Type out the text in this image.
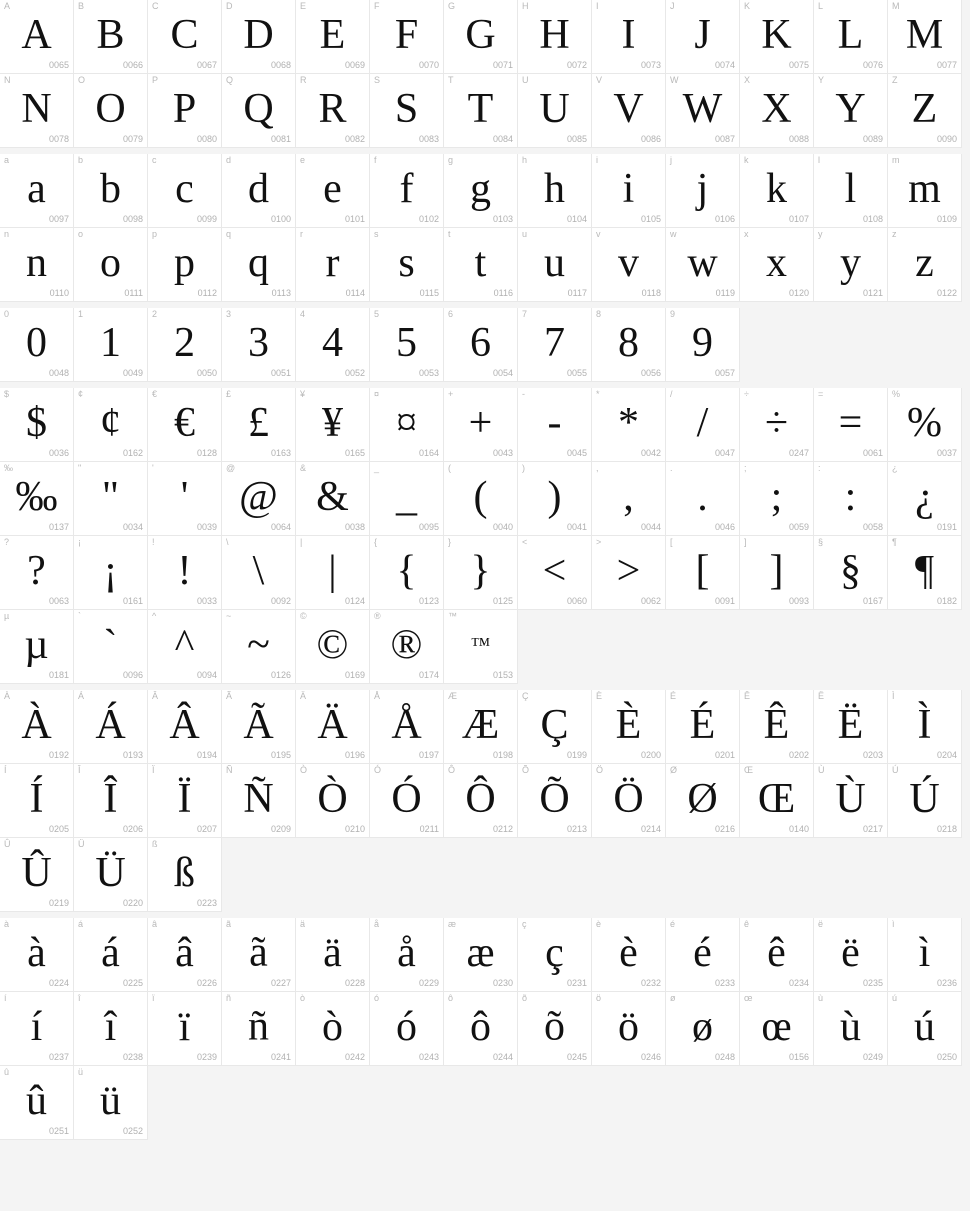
A
A
0065
B
B
0066
C
C
0067
D
D
0068
E
E
0069
F
F
0070
G
G
0071
H
H
0072
I
I
0073
J
J
0074
K
K
0075
L
L
0076
M
M
0077
N
N
0078
O
O
0079
P
P
0080
Q
Q
0081
R
R
0082
S
S
0083
T
T
0084
U
U
0085
V
V
0086
W
W
0087
X
X
0088
Y
Y
0089
Z
Z
0090
a
a
0097
b
b
0098
c
c
0099
d
d
0100
e
e
0101
f
f
0102
g
g
0103
h
h
0104
i
i
0105
j
j
0106
k
k
0107
l
l
0108
m
m
0109
n
n
0110
o
o
0111
p
p
0112
q
q
0113
r
r
0114
s
s
0115
t
t
0116
u
u
0117
v
v
0118
w
w
0119
x
x
0120
y
y
0121
z
z
0122
0
0
0048
1
1
0049
2
2
0050
3
3
0051
4
4
0052
5
5
0053
6
6
0054
7
7
0055
8
8
0056
9
9
0057
$
$
0036
¢
¢
0162
€
€
0128
£
£
0163
¥
¥
0165
¤
¤
0164
+
+
0043
-
-
0045
*
*
0042
/
/
0047
÷
÷
0247
=
=
0061
%
%
0037
‰
‰
0137
"
"
0034
'
'
0039
@
@
0064
&
&
0038
_
_
0095
(
(
0040
)
)
0041
,
,
0044
.
.
0046
;
;
0059
:
:
0058
¿
¿
0191
?
?
0063
¡
¡
0161
!
!
0033
\
\
0092
|
|
0124
{
{
0123
}
}
0125
<
<
0060
>
>
0062
[
[
0091
]
]
0093
§
§
0167
¶
¶
0182
µ
µ
0181
`
`
0096
^
^
0094
~
~
0126
©
©
0169
®
®
0174
™
™
0153
À
À
0192
Á
Á
0193
Â
Â
0194
Ã
Ã
0195
Ä
Ä
0196
Å
Å
0197
Æ
Æ
0198
Ç
Ç
0199
È
È
0200
É
É
0201
Ê
Ê
0202
Ë
Ë
0203
Ì
Ì
0204
Í
Í
0205
Î
Î
0206
Ï
Ï
0207
Ñ
Ñ
0209
Ò
Ò
0210
Ó
Ó
0211
Ô
Ô
0212
Õ
Õ
0213
Ö
Ö
0214
Ø
Ø
0216
Œ
Œ
0140
Ù
Ù
0217
Ú
Ú
0218
Û
Û
0219
Ü
Ü
0220
ß
ß
0223
à
à
0224
á
á
0225
â
â
0226
ã
ã
0227
ä
ä
0228
å
å
0229
æ
æ
0230
ç
ç
0231
è
è
0232
é
é
0233
ê
ê
0234
ë
ë
0235
ì
ì
0236
í
í
0237
î
î
0238
ï
ï
0239
ñ
ñ
0241
ò
ò
0242
ó
ó
0243
ô
ô
0244
õ
õ
0245
ö
ö
0246
ø
ø
0248
œ
œ
0156
ù
ù
0249
ú
ú
0250
û
û
0251
ü
ü
0252
